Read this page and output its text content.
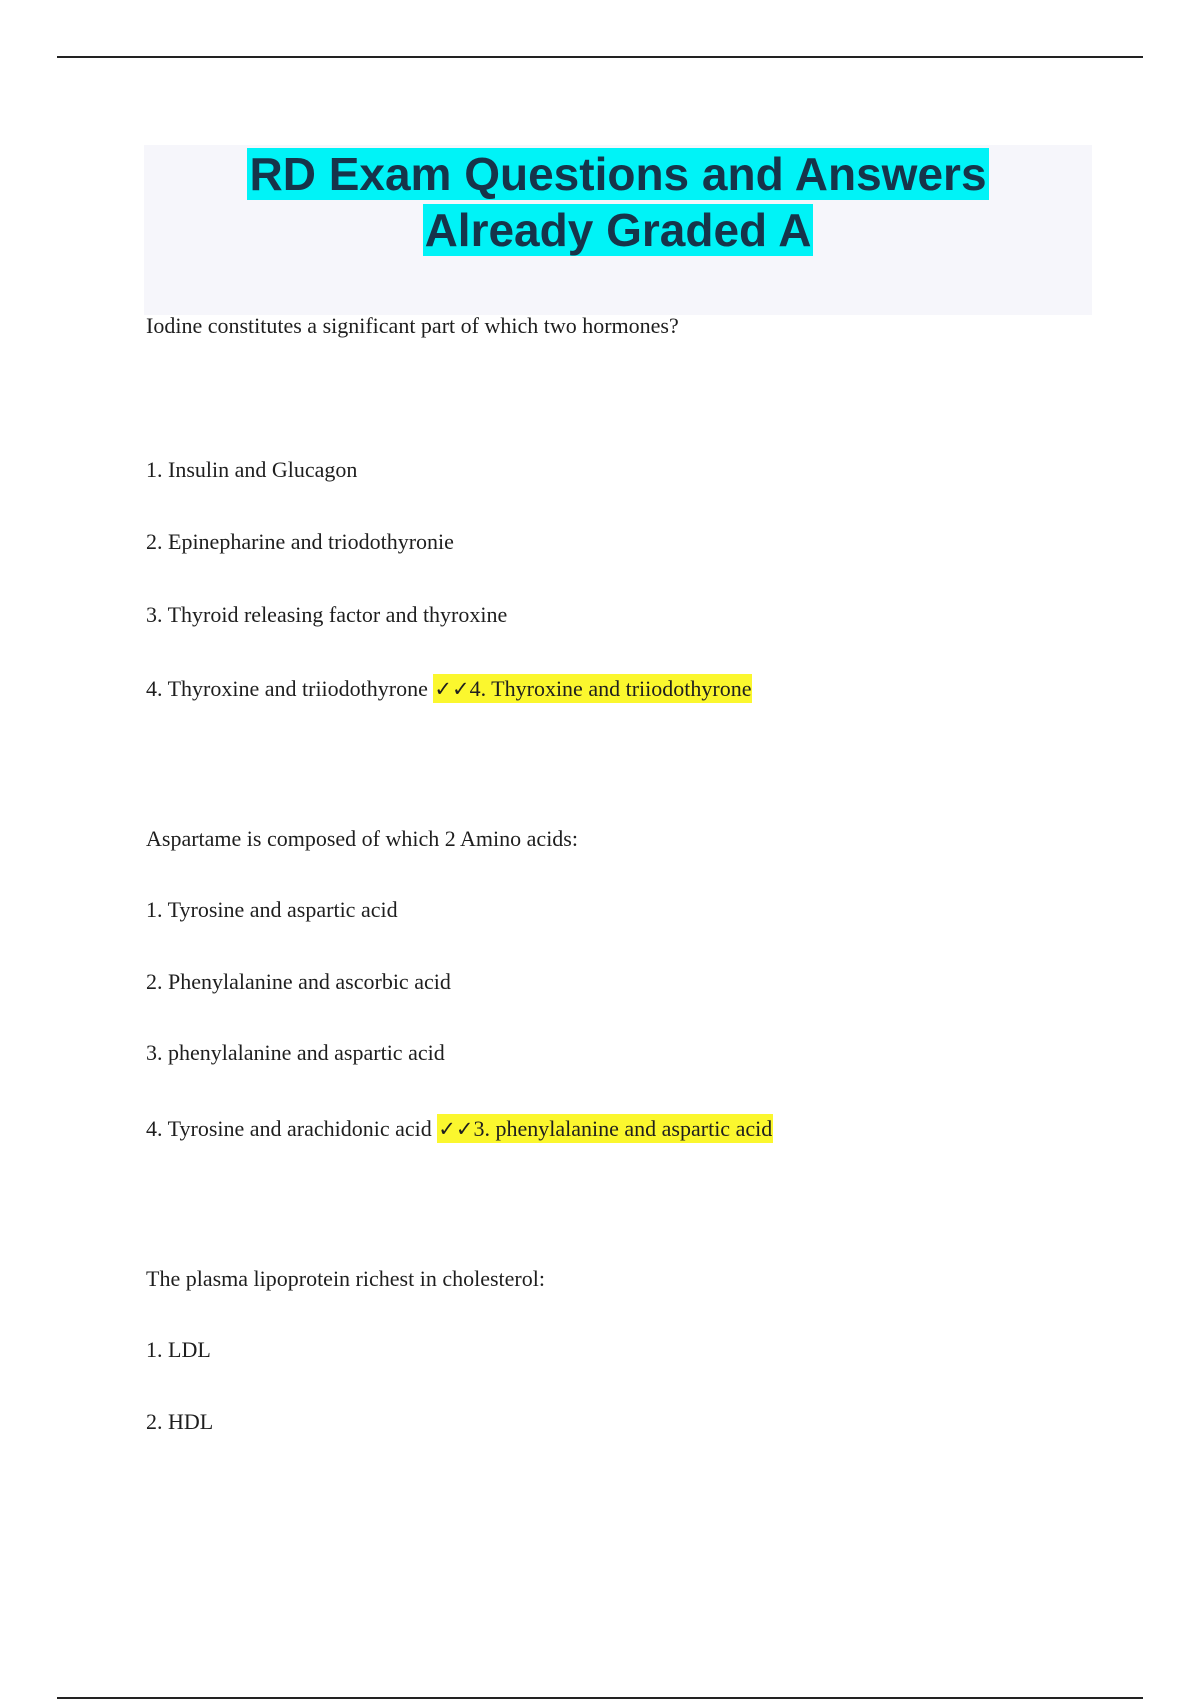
RD Exam Questions and Answers
Already Graded A
Iodine constitutes a significant part of which two hormones?
1. Insulin and Glucagon
2. Epinepharine and triodothyronie
3. Thyroid releasing factor and thyroxine
4. Thyroxine and triiodothyrone ✓✓4. Thyroxine and triiodothyrone
Aspartame is composed of which 2 Amino acids:
1. Tyrosine and aspartic acid
2. Phenylalanine and ascorbic acid
3. phenylalanine and aspartic acid
4. Tyrosine and arachidonic acid ✓✓3. phenylalanine and aspartic acid
The plasma lipoprotein richest in cholesterol:
1. LDL
2. HDL
